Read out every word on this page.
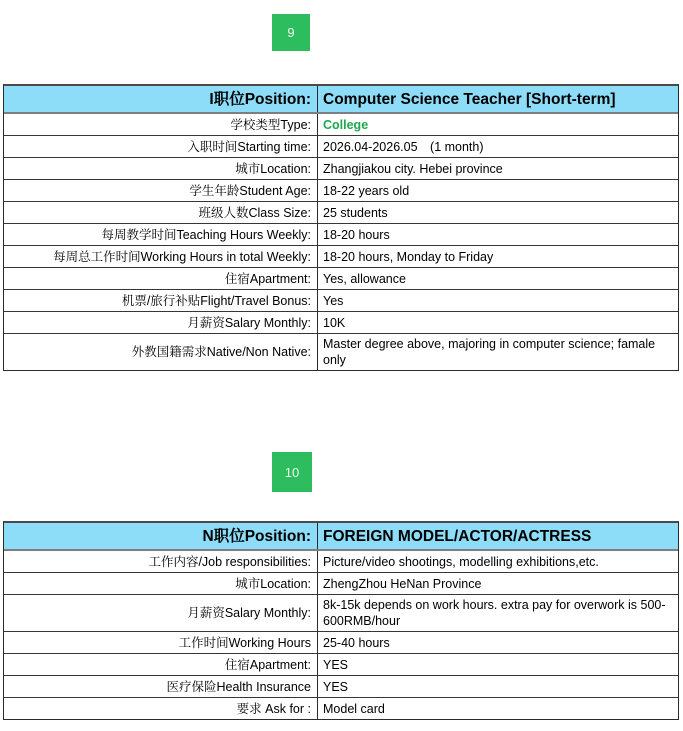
9
I职位Position: Computer Science Teacher [Short-term]
学校类型Type: College
入职时间Starting time: 2026.04-2026.05　(1 month)
城市Location: Zhangjiakou city. Hebei province
学生年龄Student Age: 18-22 years old
班级人数Class Size: 25 students
每周教学时间Teaching Hours Weekly: 18-20 hours
每周总工作时间Working Hours in total Weekly: 18-20 hours, Monday to Friday
住宿Apartment: Yes, allowance
机票/旅行补贴Flight/Travel Bonus: Yes
月薪资Salary Monthly: 10K
外教国籍需求Native/Non Native:
Master degree above, majoring in computer science; famale only
10
N职位Position: FOREIGN MODEL/ACTOR/ACTRESS
工作内容/Job responsibilities: Picture/video shootings, modelling exhibitions,etc.
城市Location: ZhengZhou HeNan Province
月薪资Salary Monthly:
8k-15k depends on work hours. extra pay for overwork is 500-600RMB/hour
工作时间Working Hours 25-40 hours
住宿Apartment: YES
医疗保险Health Insurance YES
要求 Ask for : Model card
